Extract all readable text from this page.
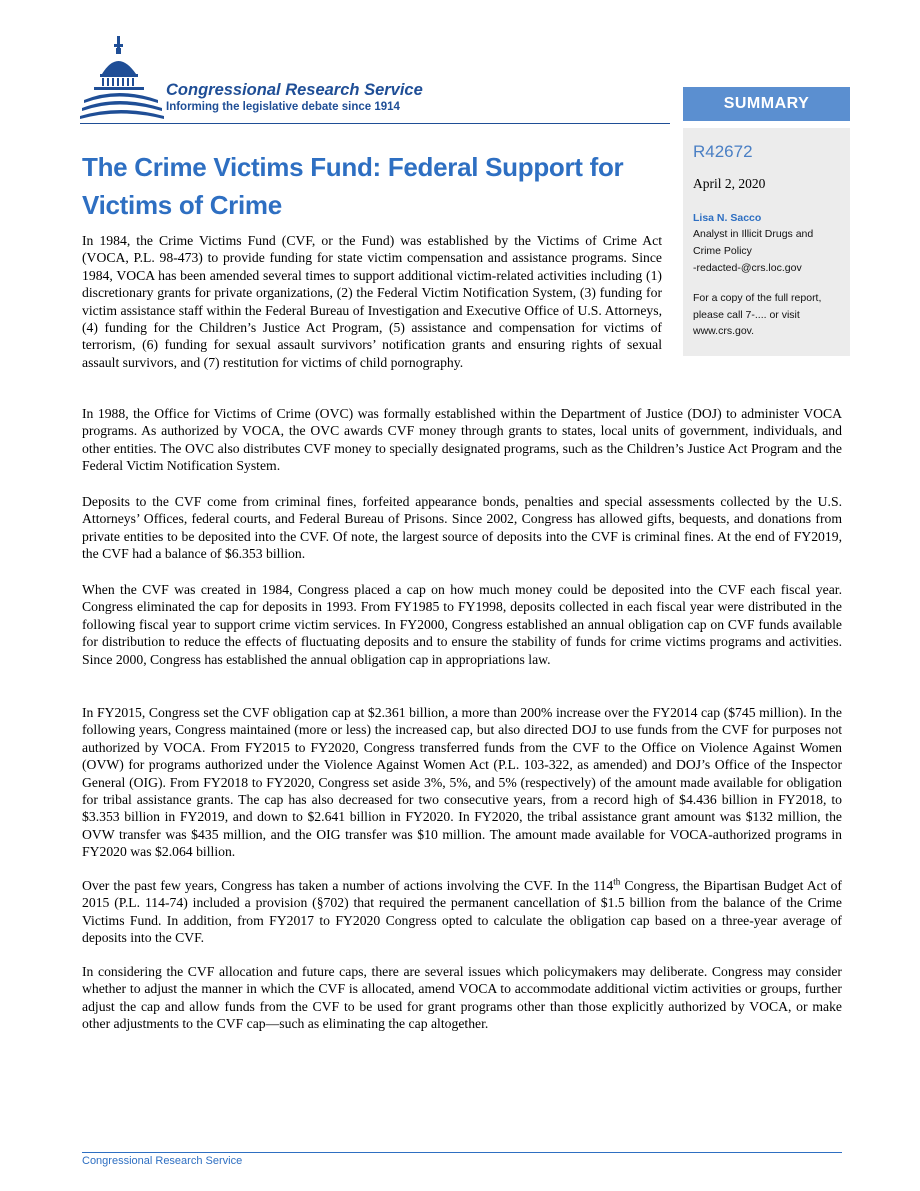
Congressional Research Service
Informing the legislative debate since 1914	SUMMARY
R42672
April 2, 2020
Lisa N. Sacco
Analyst in Illicit Drugs and
Crime Policy
-redacted-@crs.loc.gov
For a copy of the full report, please call 7-.... or visit www.crs.gov.
The Crime Victims Fund: Federal Support for Victims of Crime

In 1984, the Crime Victims Fund (CVF, or the Fund) was established by the Victims of Crime Act (VOCA, P.L. 98-473) to provide funding for state victim compensation and assistance programs. Since 1984, VOCA has been amended several times to support additional victim-related activities including (1) discretionary grants for private organizations, (2) the Federal Victim Notification System, (3) funding for victim assistance staff within the Federal Bureau of Investigation and Executive Office of U.S. Attorneys, (4) funding for the Children’s Justice Act Program, (5) assistance and compensation for victims of terrorism, (6) funding for sexual assault survivors’ notification grants and ensuring rights of sexual assault survivors, and (7) restitution for victims of child pornography.

In 1988, the Office for Victims of Crime (OVC) was formally established within the Department of Justice (DOJ) to administer VOCA programs. As authorized by VOCA, the OVC awards CVF money through grants to states, local units of government, individuals, and other entities. The OVC also distributes CVF money to specially designated programs, such as the Children’s Justice Act Program and the Federal Victim Notification System.

Deposits to the CVF come from criminal fines, forfeited appearance bonds, penalties and special assessments collected by the U.S. Attorneys’ Offices, federal courts, and Federal Bureau of Prisons. Since 2002, Congress has allowed gifts, bequests, and donations from private entities to be deposited into the CVF. Of note, the largest source of deposits into the CVF is criminal fines. At the end of FY2019, the CVF had a balance of $6.353 billion.

When the CVF was created in 1984, Congress placed a cap on how much money could be deposited into the CVF each fiscal year. Congress eliminated the cap for deposits in 1993. From FY1985 to FY1998, deposits collected in each fiscal year were distributed in the following fiscal year to support crime victim services. In FY2000, Congress established an annual obligation cap on CVF funds available for distribution to reduce the effects of fluctuating deposits and to ensure the stability of funds for crime victims programs and activities. Since 2000, Congress has established the annual obligation cap in appropriations law.

In FY2015, Congress set the CVF obligation cap at $2.361 billion, a more than 200% increase over the FY2014 cap ($745 million). In the following years, Congress maintained (more or less) the increased cap, but also directed DOJ to use funds from the CVF for purposes not authorized by VOCA. From FY2015 to FY2020, Congress transferred funds from the CVF to the Office on Violence Against Women (OVW) for programs authorized under the Violence Against Women Act (P.L. 103-322, as amended) and DOJ’s Office of the Inspector General (OIG). From FY2018 to FY2020, Congress set aside 3%, 5%, and 5% (respectively) of the amount made available for obligation for tribal assistance grants. The cap has also decreased for two consecutive years, from a record high of $4.436 billion in FY2018, to $3.353 billion in FY2019, and down to $2.641 billion in FY2020. In FY2020, the tribal assistance grant amount was $132 million, the OVW transfer was $435 million, and the OIG transfer was $10 million. The amount made available for VOCA-authorized programs in FY2020 was $2.064 billion.

Over the past few years, Congress has taken a number of actions involving the CVF. In the 114th Congress, the Bipartisan Budget Act of 2015 (P.L. 114-74) included a provision (§702) that required the permanent cancellation of $1.5 billion from the balance of the Crime Victims Fund. In addition, from FY2017 to FY2020 Congress opted to calculate the obligation cap based on a three-year average of deposits into the CVF.

In considering the CVF allocation and future caps, there are several issues which policymakers may deliberate. Congress may consider whether to adjust the manner in which the CVF is allocated, amend VOCA to accommodate additional victim activities or groups, further adjust the cap and allow funds from the CVF to be used for grant programs other than those explicitly authorized by VOCA, or make other adjustments to the CVF cap—such as eliminating the cap altogether.

Congressional Research Service
